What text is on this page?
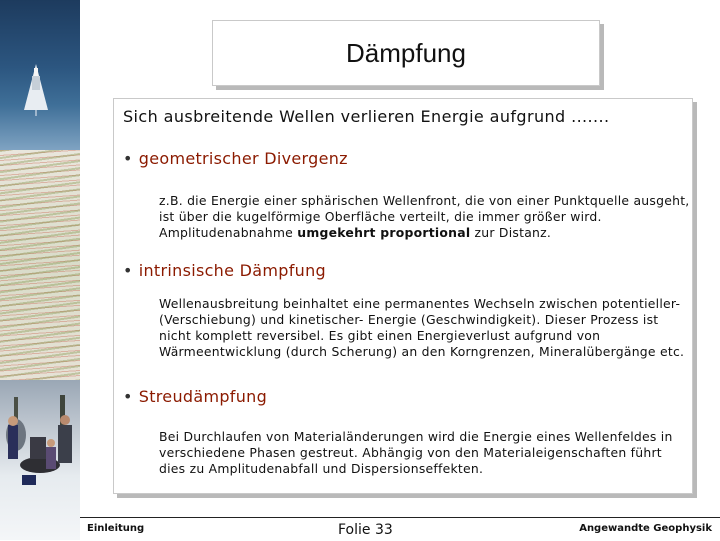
Dämpfung
Sich ausbreitende Wellen verlieren Energie aufgrund .......
• geometrischer Divergenz
z.B. die Energie einer sphärischen Wellenfront, die von einer Punktquelle ausgeht,
ist über die kugelförmige Oberfläche verteilt, die immer größer wird.
Amplitudenabnahme umgekehrt proportional zur Distanz.
• intrinsische Dämpfung
Wellenausbreitung beinhaltet eine permanentes Wechseln zwischen potentieller-
(Verschiebung) und kinetischer- Energie (Geschwindigkeit). Dieser Prozess ist
nicht komplett reversibel. Es gibt einen Energieverlust aufgrund von
Wärmeentwicklung (durch Scherung) an den Korngrenzen, Mineralübergänge etc.
• Streudämpfung
Bei Durchlaufen von Materialänderungen wird die Energie eines Wellenfeldes in
verschiedene Phasen gestreut. Abhängig von den Materialeigenschaften führt
dies zu Amplitudenabfall und Dispersionseffekten.
Einleitung	Folie 33	Angewandte Geophysik
